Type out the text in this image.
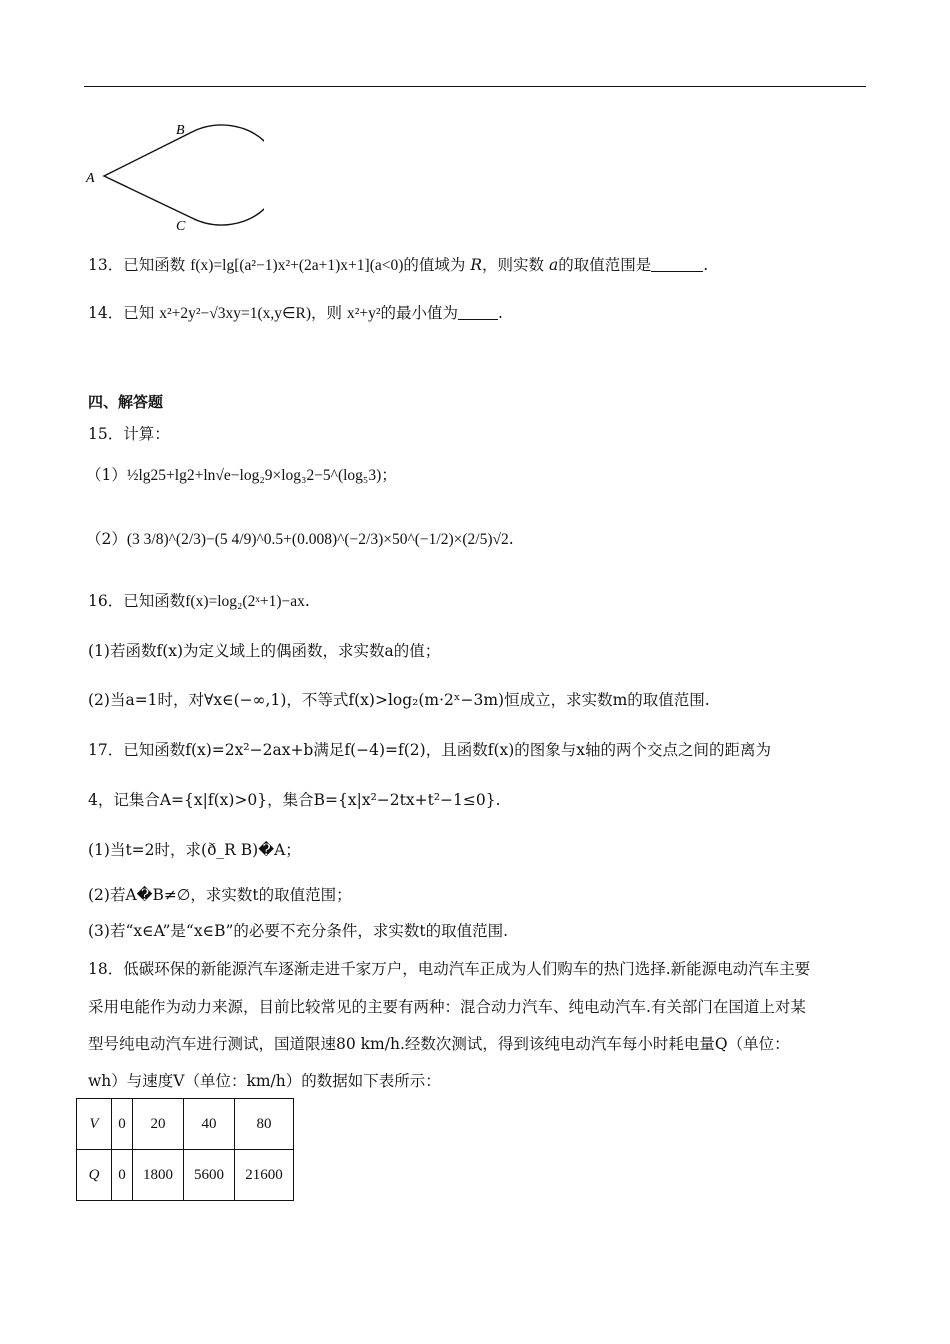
A
B
C
13．已知函数 f(x)=lg[(a²−1)x²+(2a+1)x+1](a<0)的值域为 R，则实数 a的取值范围是	.
14．已知 x²+2y²−√3xy=1(x,y∈R)，则 x²+y²的最小值为	.
四、解答题
15．计算：
（1）½lg25+lg2+ln√e−log₂9×log₃2−5^(log₅3)；
（2）(3 3/8)^(2/3)−(5 4/9)^0.5+(0.008)^(−2/3)×50^(−1/2)×(2/5)√2.
16．已知函数f(x)=log₂(2ˣ+1)−ax.
(1)若函数f(x)为定义域上的偶函数，求实数a的值；
(2)当a=1时，对∀x∈(−∞,1)，不等式f(x)>log₂(m·2ˣ−3m)恒成立，求实数m的取值范围.
17．已知函数f(x)=2x²−2ax+b满足f(−4)=f(2)，且函数f(x)的图象与x轴的两个交点之间的距离为
4，记集合A={x|f(x)>0}，集合B={x|x²−2tx+t²−1≤0}.
(1)当t=2时，求(ð_R B)�A；
(2)若A�B≠∅，求实数t的取值范围；
(3)若“x∈A”是“x∈B”的必要不充分条件，求实数t的取值范围.
18．低碳环保的新能源汽车逐渐走进千家万户，电动汽车正成为人们购车的热门选择.新能源电动汽车主要
采用电能作为动力来源，目前比较常见的主要有两种：混合动力汽车、纯电动汽车.有关部门在国道上对某
型号纯电动汽车进行测试，国道限速80 km/h.经数次测试，得到该纯电动汽车每小时耗电量Q（单位：
wh）与速度V（单位：km/h）的数据如下表所示：
V	0	20	40	80
Q	0	1800	5600	21600
